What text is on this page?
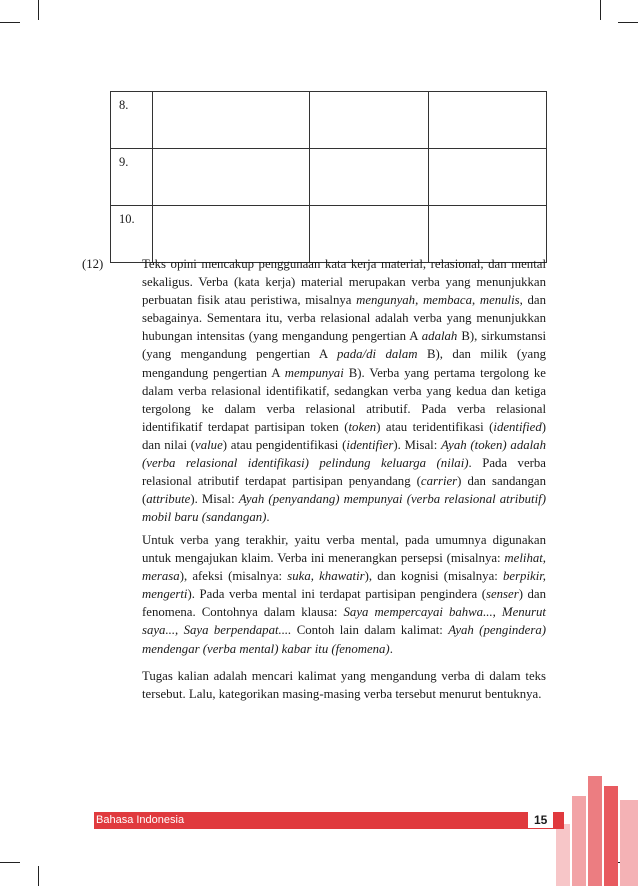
8.			
9.			
10.			
(12)	Teks opini mencakup penggunaan kata kerja material, relasional, dan mental sekaligus. Verba (kata kerja) material merupakan verba yang menunjukkan perbuatan fisik atau peristiwa, misalnya mengunyah, membaca, menulis, dan sebagainya. Sementara itu, verba relasional adalah verba yang menunjukkan hubungan intensitas (yang mengandung pengertian A adalah B), sirkumstansi (yang mengandung pengertian A pada/di dalam B), dan milik (yang mengandung pengertian A mempunyai B). Verba yang pertama tergolong ke dalam verba relasional identifikatif, sedangkan verba yang kedua dan ketiga tergolong ke dalam verba relasional atributif. Pada verba relasional identifikatif terdapat partisipan token (token) atau teridentifikasi (identified) dan nilai (value) atau pengidentifikasi (identifier). Misal: Ayah (token) adalah (verba relasional identifikasi) pelindung keluarga (nilai). Pada verba relasional atributif terdapat partisipan penyandang (carrier) dan sandangan (attribute). Misal: Ayah (penyandang) mempunyai (verba relasional atributif) mobil baru (sandangan).

Untuk verba yang terakhir, yaitu verba mental, pada umumnya digunakan untuk mengajukan klaim. Verba ini menerangkan persepsi (misalnya: melihat, merasa), afeksi (misalnya: suka, khawatir), dan kognisi (misalnya: berpikir, mengerti). Pada verba mental ini terdapat partisipan pengindera (senser) dan fenomena. Contohnya dalam klausa: Saya mempercayai bahwa..., Menurut saya..., Saya berpendapat.... Contoh lain dalam kalimat: Ayah (pengindera) mendengar (verba mental) kabar itu (fenomena).

Tugas kalian adalah mencari kalimat yang mengandung verba di dalam teks tersebut. Lalu, kategorikan masing-masing verba tersebut menurut bentuknya.

Bahasa Indonesia	15
